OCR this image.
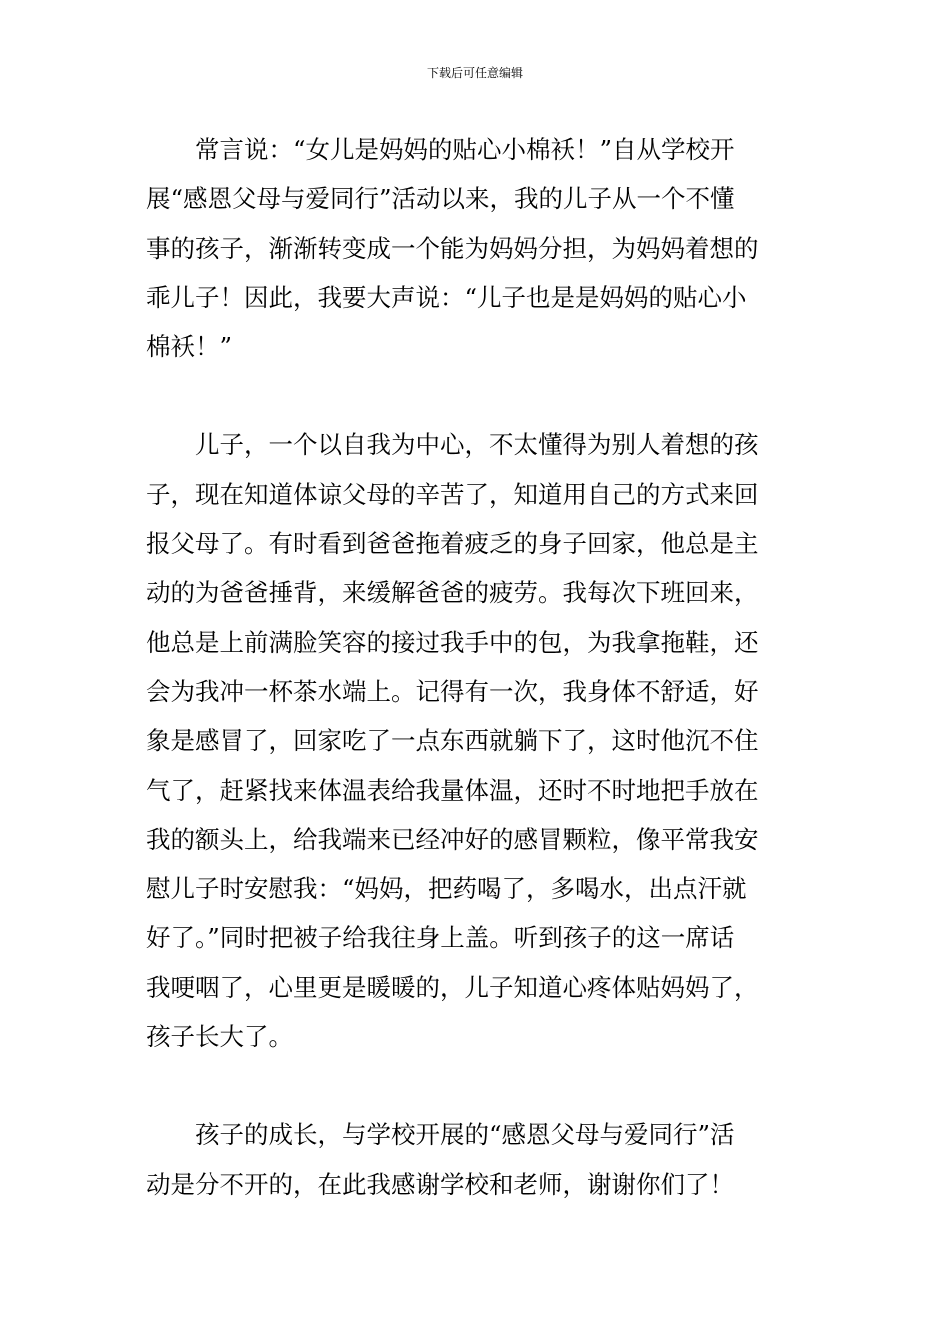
下载后可任意编辑
常言说：“女儿是妈妈的贴心小棉袄！”自从学校开
展“感恩父母与爱同行”活动以来，我的儿子从一个不懂
事的孩子，渐渐转变成一个能为妈妈分担，为妈妈着想的
乖儿子！因此，我要大声说：“儿子也是是妈妈的贴心小
棉袄！”
儿子，一个以自我为中心，不太懂得为别人着想的孩
子，现在知道体谅父母的辛苦了，知道用自己的方式来回
报父母了。有时看到爸爸拖着疲乏的身子回家，他总是主
动的为爸爸捶背，来缓解爸爸的疲劳。我每次下班回来，
他总是上前满脸笑容的接过我手中的包，为我拿拖鞋，还
会为我冲一杯茶水端上。记得有一次，我身体不舒适，好
象是感冒了，回家吃了一点东西就躺下了，这时他沉不住
气了，赶紧找来体温表给我量体温，还时不时地把手放在
我的额头上，给我端来已经冲好的感冒颗粒，像平常我安
慰儿子时安慰我：“妈妈，把药喝了，多喝水，出点汗就
好了。”同时把被子给我往身上盖。听到孩子的这一席话
我哽咽了，心里更是暖暖的，儿子知道心疼体贴妈妈了，
孩子长大了。
孩子的成长，与学校开展的“感恩父母与爱同行”活
动是分不开的，在此我感谢学校和老师，谢谢你们了！
